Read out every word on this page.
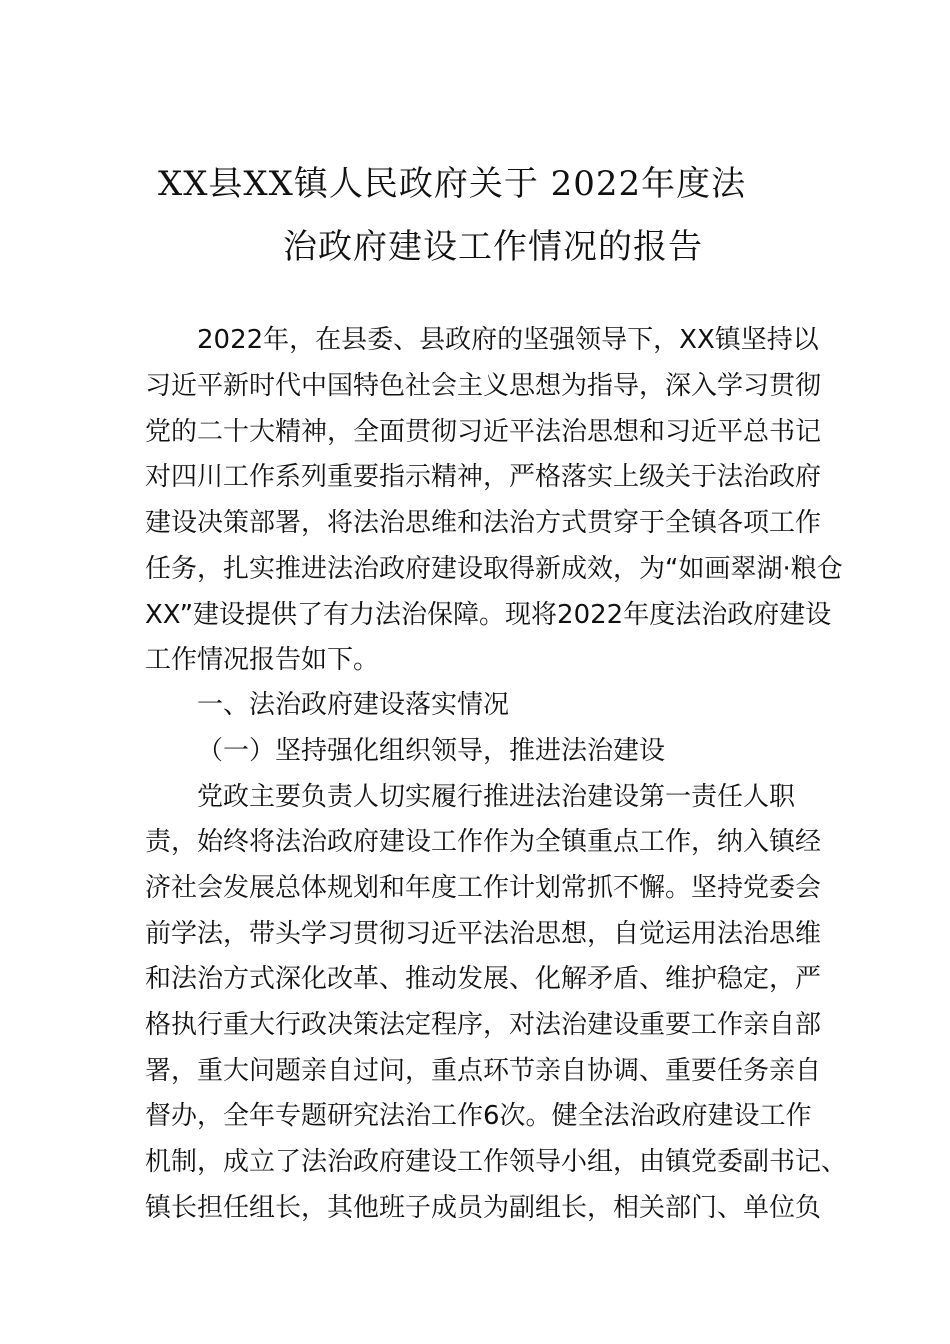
XX县XX镇人民政府关于 2022年度法
治政府建设工作情况的报告
2022年，在县委、县政府的坚强领导下，XX镇坚持以
习近平新时代中国特色社会主义思想为指导，深入学习贯彻
党的二十大精神，全面贯彻习近平法治思想和习近平总书记
对四川工作系列重要指示精神，严格落实上级关于法治政府
建设决策部署，将法治思维和法治方式贯穿于全镇各项工作
任务，扎实推进法治政府建设取得新成效，为“如画翠湖·粮仓
XX”建设提供了有力法治保障。现将2022年度法治政府建设
工作情况报告如下。
一、法治政府建设落实情况
（一）坚持强化组织领导，推进法治建设
党政主要负责人切实履行推进法治建设第一责任人职
责，始终将法治政府建设工作作为全镇重点工作，纳入镇经
济社会发展总体规划和年度工作计划常抓不懈。坚持党委会
前学法，带头学习贯彻习近平法治思想，自觉运用法治思维
和法治方式深化改革、推动发展、化解矛盾、维护稳定，严
格执行重大行政决策法定程序，对法治建设重要工作亲自部
署，重大问题亲自过问，重点环节亲自协调、重要任务亲自
督办，全年专题研究法治工作6次。健全法治政府建设工作
机制，成立了法治政府建设工作领导小组，由镇党委副书记、
镇长担任组长，其他班子成员为副组长，相关部门、单位负
